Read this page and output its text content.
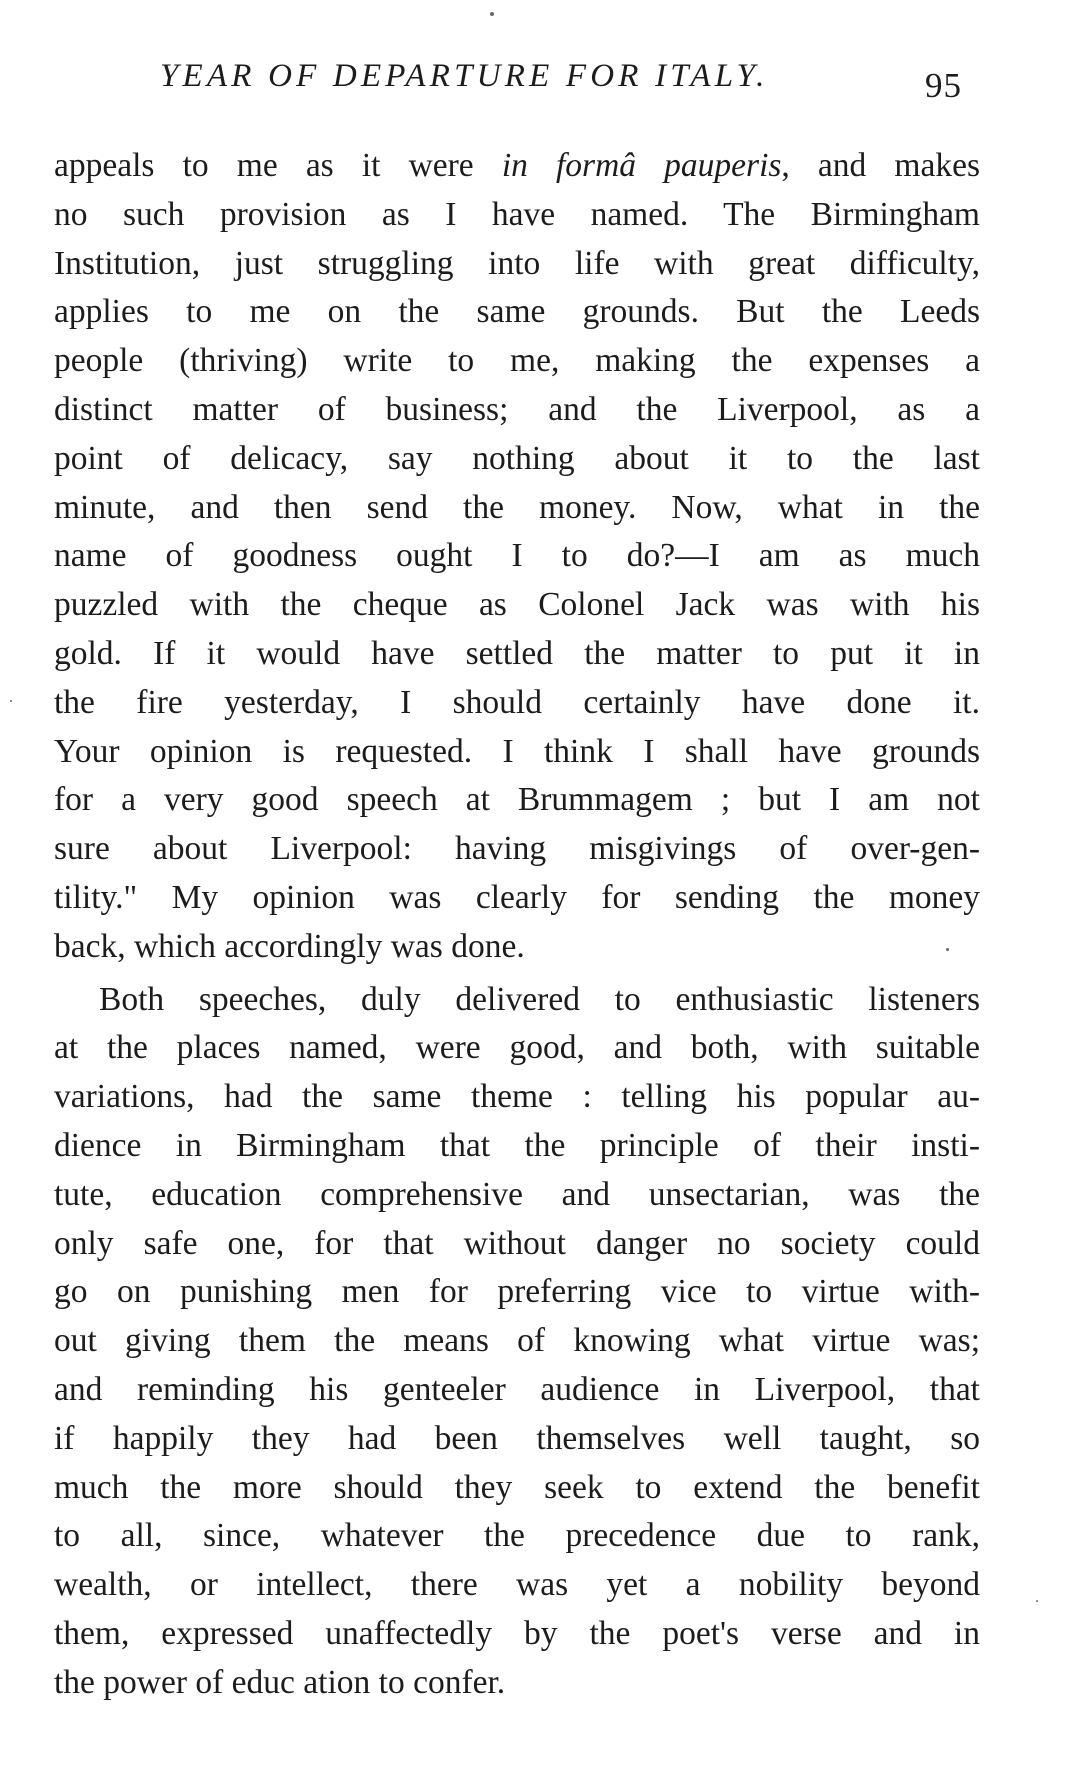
YEAR OF DEPARTURE FOR ITALY.	95
appeals to me as it were in formâ pauperis, and makes
no such provision as I have named. The Birmingham
Institution, just struggling into life with great difficulty,
applies to me on the same grounds. But the Leeds
people (thriving) write to me, making the expenses a
distinct matter of business; and the Liverpool, as a
point of delicacy, say nothing about it to the last
minute, and then send the money. Now, what in the
name of goodness ought I to do?—I am as much
puzzled with the cheque as Colonel Jack was with his
gold. If it would have settled the matter to put it in
the fire yesterday, I should certainly have done it.
Your opinion is requested. I think I shall have grounds
for a very good speech at Brummagem ; but I am not
sure about Liverpool: having misgivings of over-gen-
tility." My opinion was clearly for sending the money
back, which accordingly was done.
Both speeches, duly delivered to enthusiastic listeners
at the places named, were good, and both, with suitable
variations, had the same theme : telling his popular au-
dience in Birmingham that the principle of their insti-
tute, education comprehensive and unsectarian, was the
only safe one, for that without danger no society could
go on punishing men for preferring vice to virtue with-
out giving them the means of knowing what virtue was;
and reminding his genteeler audience in Liverpool, that
if happily they had been themselves well taught, so
much the more should they seek to extend the benefit
to all, since, whatever the precedence due to rank,
wealth, or intellect, there was yet a nobility beyond
them, expressed unaffectedly by the poet's verse and in
the power of educ ation to confer.
